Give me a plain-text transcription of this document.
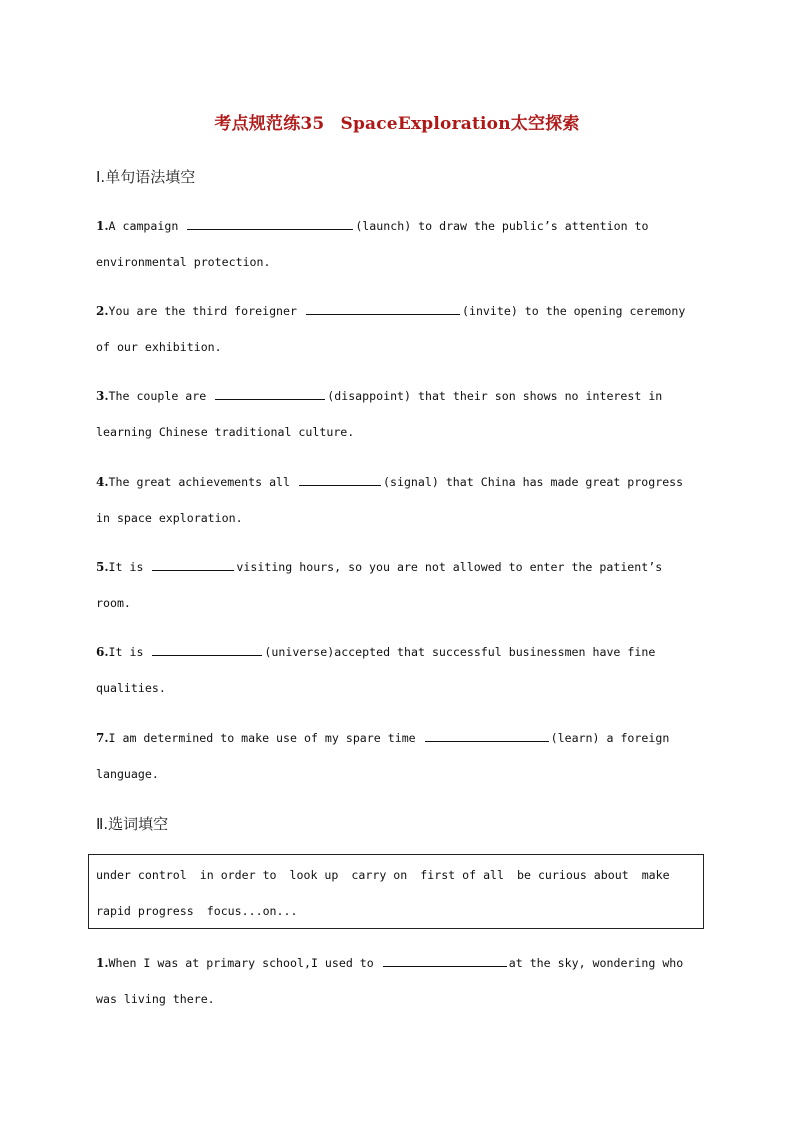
考点规范练35 SpaceExploration太空探索
Ⅰ.单句语法填空
1.A campaign	(launch) to draw the public’s attention to
environmental protection.
2.You are the third foreigner	(invite) to the opening ceremony
of our exhibition.
3.The couple are	(disappoint) that their son shows no interest in
learning Chinese traditional culture.
4.The great achievements all	(signal) that China has made great progress
in space exploration.
5.It is	visiting hours, so you are not allowed to enter the patient’s
room.
6.It is	(universe)accepted that successful businessmen have fine
qualities.
7.I am determined to make use of my spare time	(learn) a foreign
language.
Ⅱ.选词填空
under control in order to look up carry on first of all be curious about make
rapid progress focus...on...
1.When I was at primary school,I used to	at the sky, wondering who
was living there.
